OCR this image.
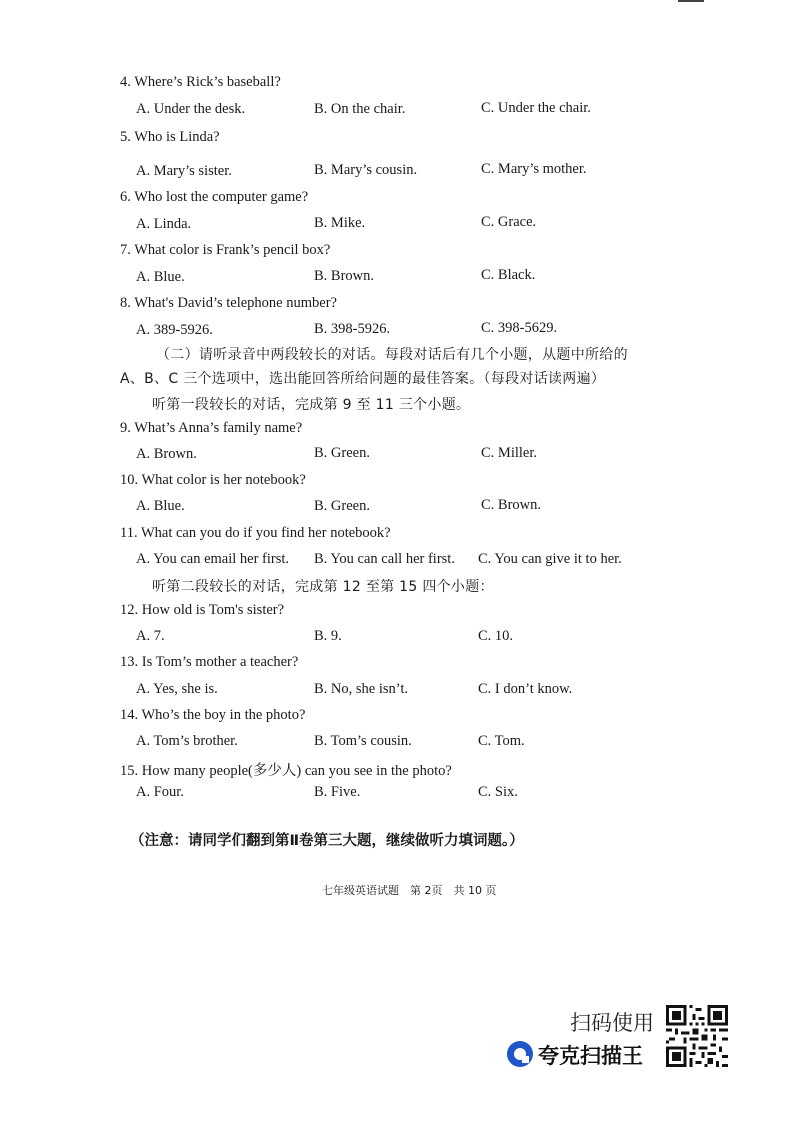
4. Where’s Rick’s baseball?
A. Under the desk.	B. On the chair.	C. Under the chair.
5. Who is Linda?
A. Mary’s sister.	B. Mary’s cousin.	C. Mary’s mother.
6. Who lost the computer game?
A. Linda.	B. Mike.	C. Grace.
7. What color is Frank’s pencil box?
A. Blue.	B. Brown.	C. Black.
8. What's David’s telephone number?
A. 389-5926.	B. 398-5926.	C. 398-5629.
（二）请听录音中两段较长的对话。每段对话后有几个小题，从题中所给的
A、B、C 三个选项中，选出能回答所给问题的最佳答案。（每段对话读两遍）
听第一段较长的对话，完成第 9 至 11 三个小题。
9. What’s Anna’s family name?
A. Brown.	B. Green.	C. Miller.
10. What color is her notebook?
A. Blue.	B. Green.	C. Brown.
11. What can you do if you find her notebook?
A. You can email her first. B. You can call her first. C. You can give it to her.
听第二段较长的对话，完成第 12 至第 15 四个小题：
12. How old is Tom's sister?
A. 7.	B. 9.	C. 10.
13. Is Tom’s mother a teacher?
A. Yes, she is.	B. No, she isn’t.	C. I don’t know.
14. Who’s the boy in the photo?
A. Tom’s brother.	B. Tom’s cousin.	C. Tom.
15. How many people(多少人) can you see in the photo?
A. Four.	B. Five.	C. Six.
（注意：请同学们翻到第Ⅱ卷第三大题，继续做听力填词题。）
七年级英语试题　第 2页　共 10 页
扫码使用
夸克扫描王
